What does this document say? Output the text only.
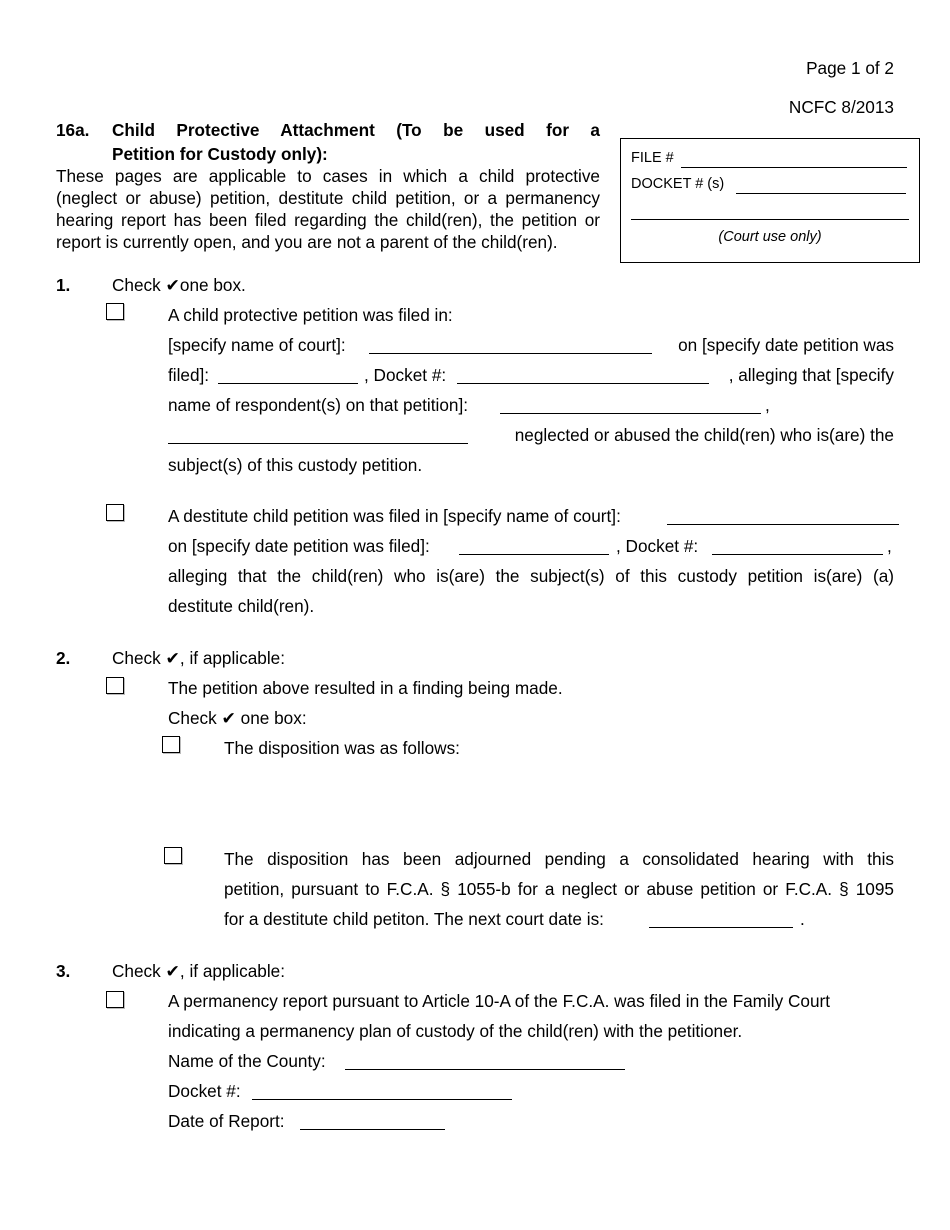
Page 1 of 2
NCFC 8/2013
16a. Child Protective Attachment (To be used for a
Petition for Custody only):
These pages are applicable to cases in which a child protective
(neglect or abuse) petition, destitute child petition, or a permanency
hearing report has been filed regarding the child(ren), the petition or
report is currently open, and you are not a parent of the child(ren).
FILE #
DOCKET # (s)
(Court use only)
1. Check ✔one box.
A child protective petition was filed in:
[specify name of court]:	on [specify date petition was
filed]:	, Docket #:	, alleging that [specify
name of respondent(s) on that petition]:	,
neglected or abused the child(ren) who is(are) the
subject(s) of this custody petition.
A destitute child petition was filed in [specify name of court]:
on [specify date petition was filed]:	, Docket #:	,
alleging that the child(ren) who is(are) the subject(s) of this custody petition is(are) (a)
destitute child(ren).
2. Check ✔, if applicable:
The petition above resulted in a finding being made.
Check ✔ one box:
The disposition was as follows:
The disposition has been adjourned pending a consolidated hearing with this
petition, pursuant to F.C.A. § 1055-b for a neglect or abuse petition or F.C.A. § 1095
for a destitute child petiton. The next court date is:	.
3. Check ✔, if applicable:
A permanency report pursuant to Article 10-A of the F.C.A. was filed in the Family Court
indicating a permanency plan of custody of the child(ren) with the petitioner.
Name of the County:
Docket #:
Date of Report:
